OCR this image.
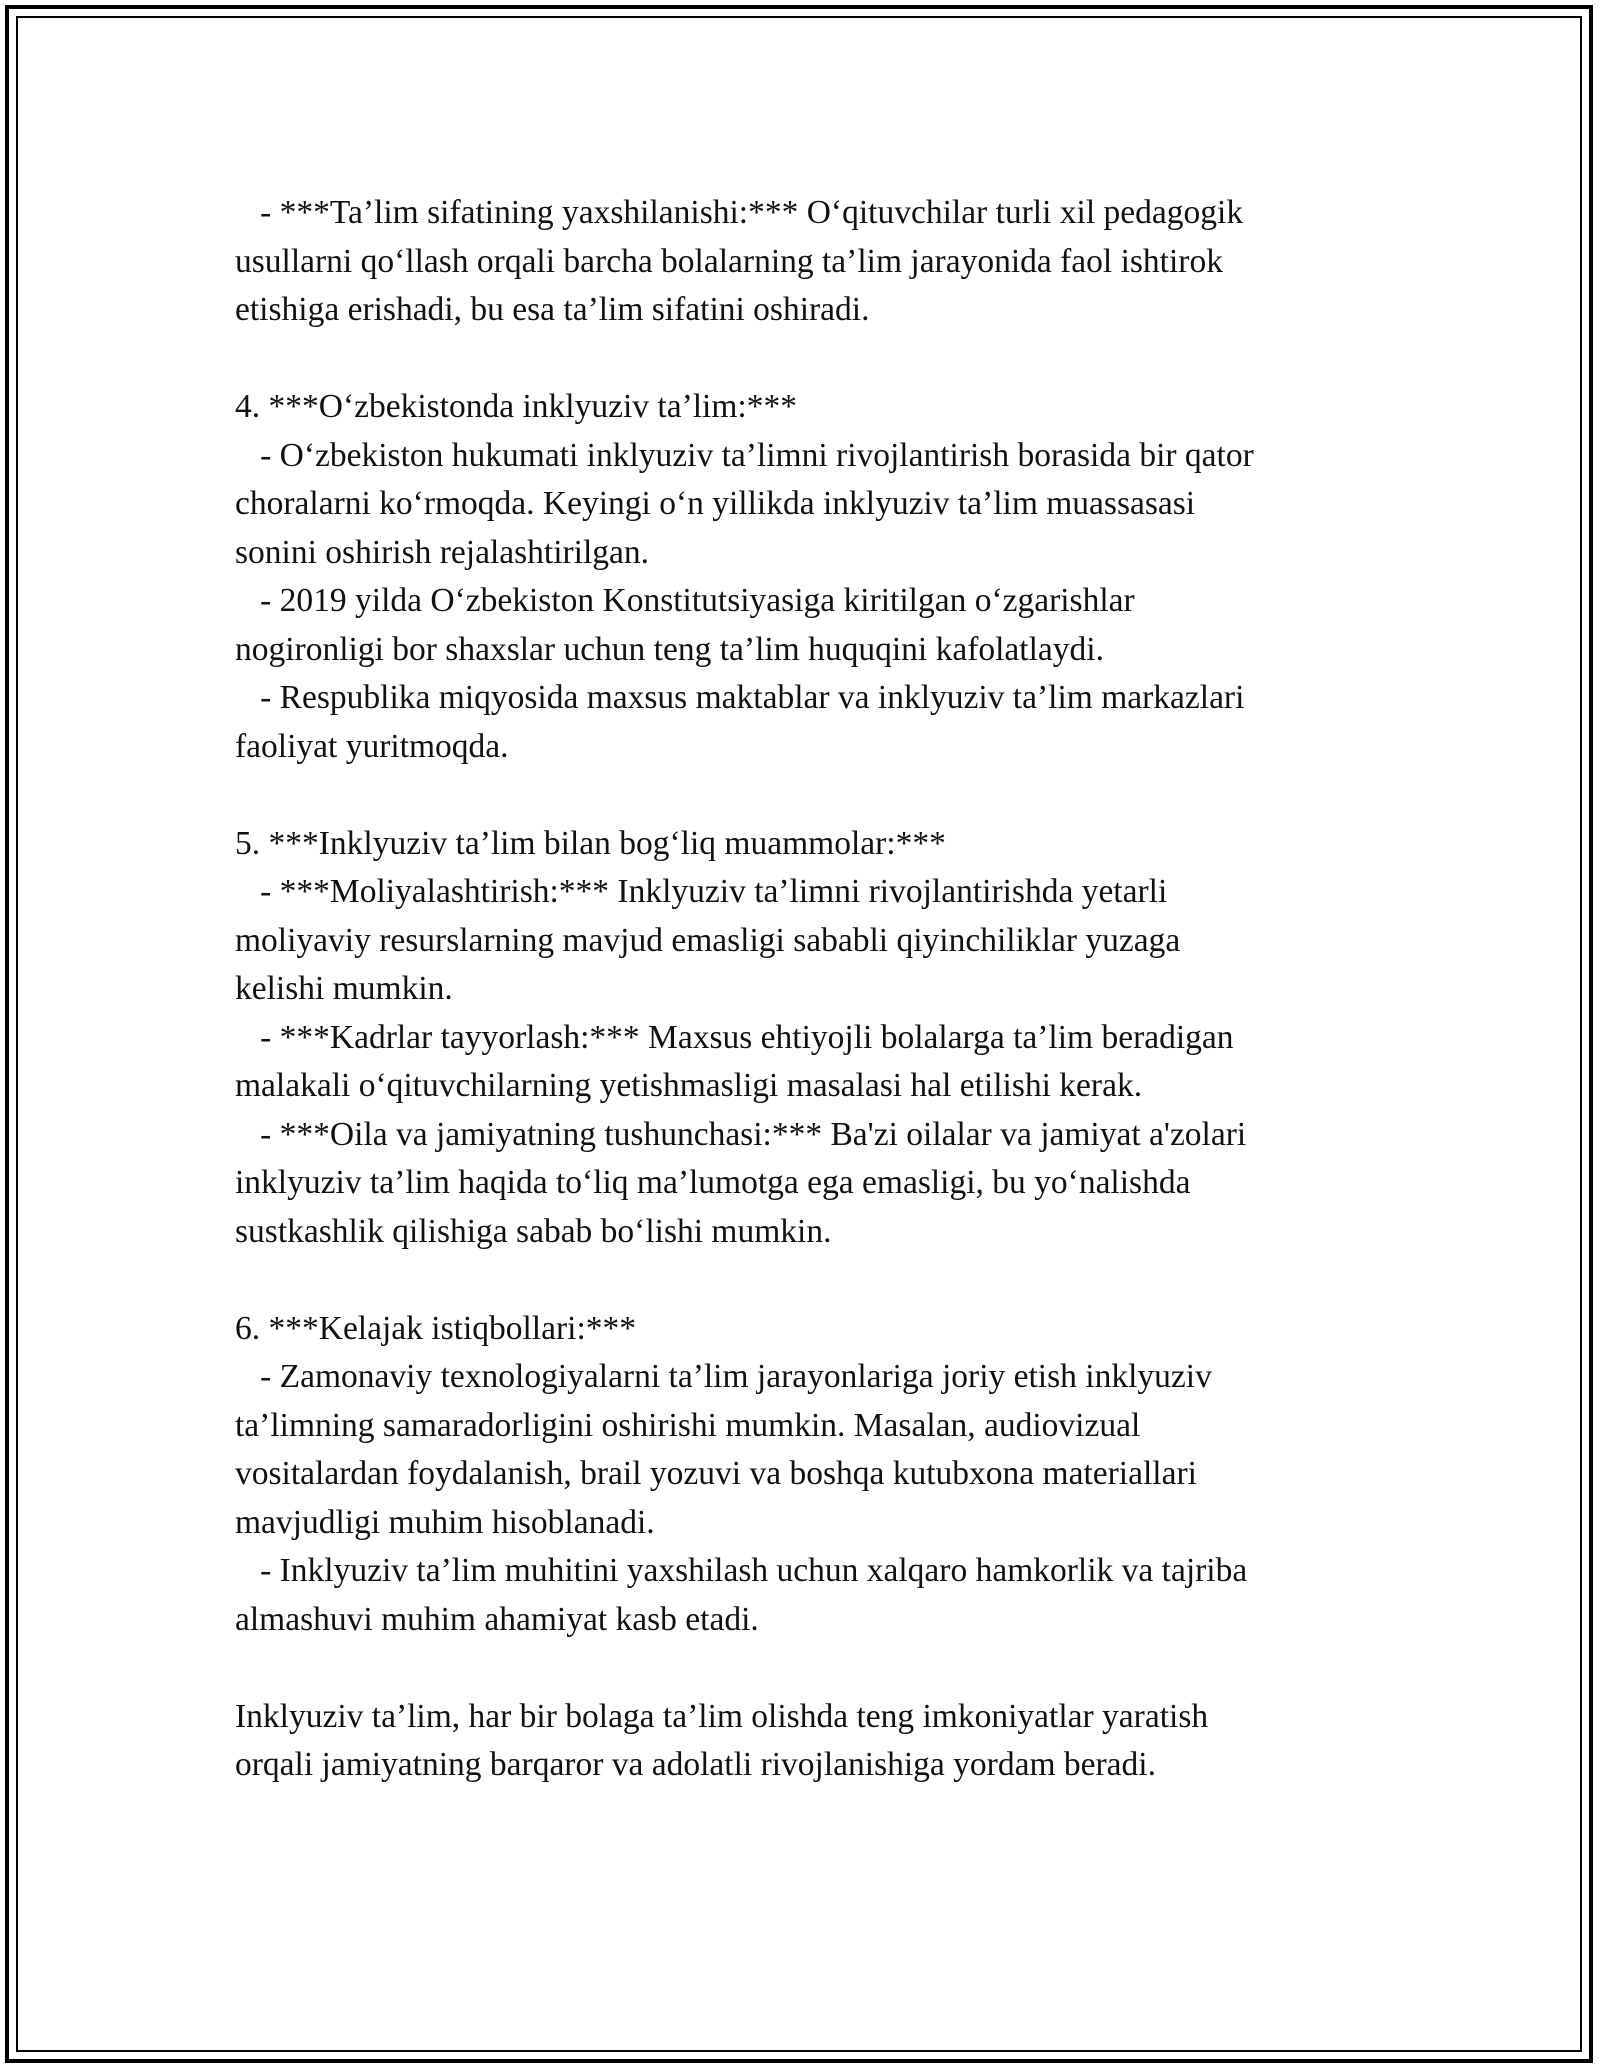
- ***Ta’lim sifatining yaxshilanishi:*** O‘qituvchilar turli xil pedagogik
usullarni qo‘llash orqali barcha bolalarning ta’lim jarayonida faol ishtirok
etishiga erishadi, bu esa ta’lim sifatini oshiradi.
4. ***O‘zbekistonda inklyuziv ta’lim:***
- O‘zbekiston hukumati inklyuziv ta’limni rivojlantirish borasida bir qator
choralarni ko‘rmoqda. Keyingi o‘n yillikda inklyuziv ta’lim muassasasi
sonini oshirish rejalashtirilgan.
- 2019 yilda O‘zbekiston Konstitutsiyasiga kiritilgan o‘zgarishlar
nogironligi bor shaxslar uchun teng ta’lim huquqini kafolatlaydi.
- Respublika miqyosida maxsus maktablar va inklyuziv ta’lim markazlari
faoliyat yuritmoqda.
5. ***Inklyuziv ta’lim bilan bog‘liq muammolar:***
- ***Moliyalashtirish:*** Inklyuziv ta’limni rivojlantirishda yetarli
moliyaviy resurslarning mavjud emasligi sababli qiyinchiliklar yuzaga
kelishi mumkin.
- ***Kadrlar tayyorlash:*** Maxsus ehtiyojli bolalarga ta’lim beradigan
malakali o‘qituvchilarning yetishmasligi masalasi hal etilishi kerak.
- ***Oila va jamiyatning tushunchasi:*** Ba'zi oilalar va jamiyat a'zolari
inklyuziv ta’lim haqida to‘liq ma’lumotga ega emasligi, bu yo‘nalishda
sustkashlik qilishiga sabab bo‘lishi mumkin.
6. ***Kelajak istiqbollari:***
- Zamonaviy texnologiyalarni ta’lim jarayonlariga joriy etish inklyuziv
ta’limning samaradorligini oshirishi mumkin. Masalan, audiovizual
vositalardan foydalanish, brail yozuvi va boshqa kutubxona materiallari
mavjudligi muhim hisoblanadi.
- Inklyuziv ta’lim muhitini yaxshilash uchun xalqaro hamkorlik va tajriba
almashuvi muhim ahamiyat kasb etadi.
Inklyuziv ta’lim, har bir bolaga ta’lim olishda teng imkoniyatlar yaratish
orqali jamiyatning barqaror va adolatli rivojlanishiga yordam beradi.
